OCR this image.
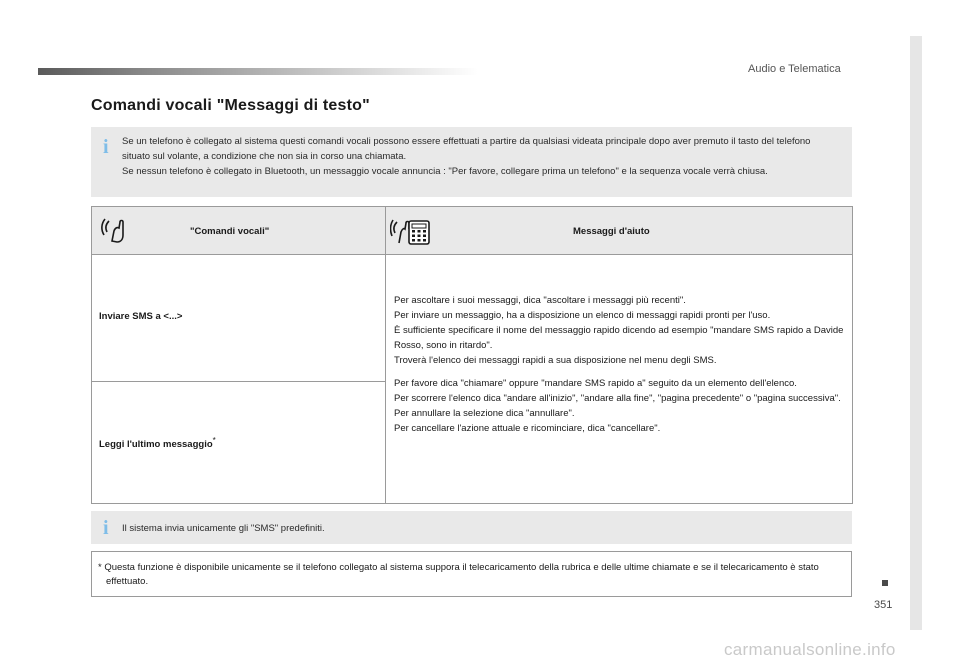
Audio e Telematica
Comandi vocali "Messaggi di testo"
i Se un telefono è collegato al sistema questi comandi vocali possono essere effettuati a partire da qualsiasi videata principale dopo aver premuto il tasto del telefono situato sul volante, a condizione che non sia in corso una chiamata.

Se nessun telefono è collegato in Bluetooth, un messaggio vocale annuncia : "Per favore, collegare prima un telefono" e la sequenza vocale verrà chiusa.

"Comandi vocali"	Messaggi d'aiuto
Inviare SMS a <...>
Leggi l'ultimo messaggio*

Per ascoltare i suoi messaggi, dica "ascoltare i messaggi più recenti".
Per inviare un messaggio, ha a disposizione un elenco di messaggi rapidi pronti per l'uso.
È sufficiente specificare il nome del messaggio rapido dicendo ad esempio "mandare SMS rapido a Davide Rosso, sono in ritardo".
Troverà l'elenco dei messaggi rapidi a sua disposizione nel menu degli SMS.

Per favore dica "chiamare" oppure "mandare SMS rapido a" seguito da un elemento dell'elenco.
Per scorrere l'elenco dica "andare all'inizio", "andare alla fine", "pagina precedente" o "pagina successiva".
Per annullare la selezione dica "annullare".
Per cancellare l'azione attuale e ricominciare, dica "cancellare".

i Il sistema invia unicamente gli "SMS" predefiniti.
* Questa funzione è disponibile unicamente se il telefono collegato al sistema suppora il telecaricamento della rubrica e delle ultime chiamate e se il telecaricamento è stato effettuato.
351
carmanualsonline.info
